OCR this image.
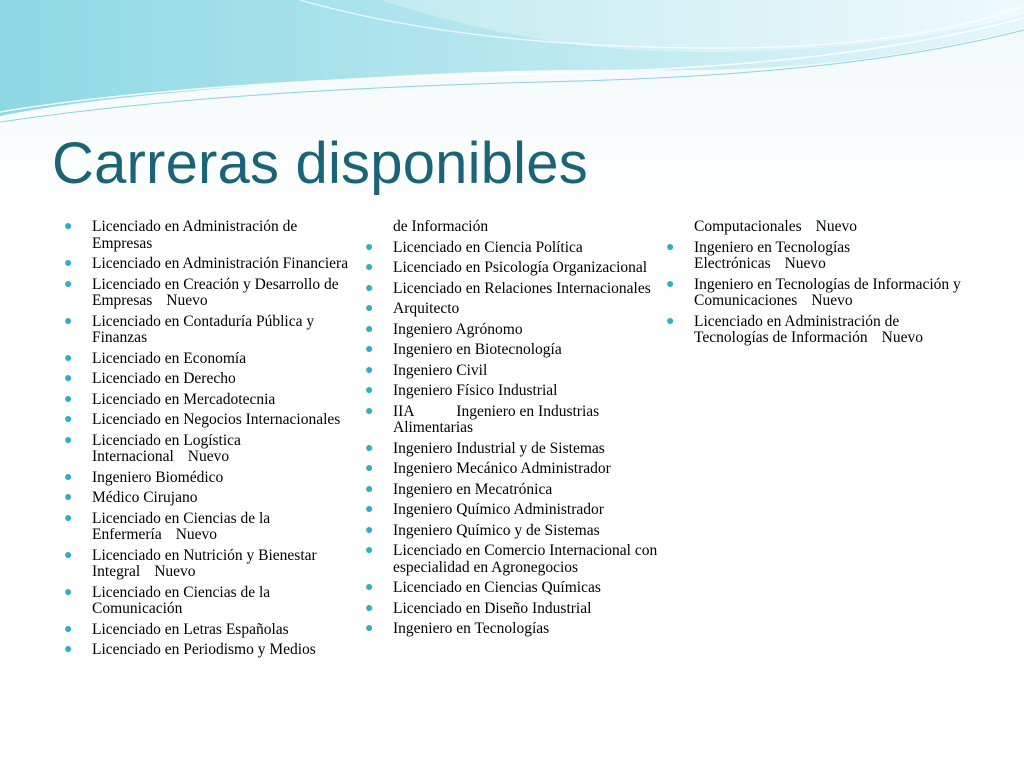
Carreras disponibles
● Licenciado en Administración de Empresas
● Licenciado en Administración Financiera
● Licenciado en Creación y Desarrollo de Empresas Nuevo
● Licenciado en Contaduría Pública y Finanzas
● Licenciado en Economía
● Licenciado en Derecho
● Licenciado en Mercadotecnia
● Licenciado en Negocios Internacionales
● Licenciado en Logística Internacional Nuevo
● Ingeniero Biomédico
● Médico Cirujano
● Licenciado en Ciencias de la Enfermería Nuevo
● Licenciado en Nutrición y Bienestar Integral Nuevo
● Licenciado en Ciencias de la Comunicación
● Licenciado en Letras Españolas
● Licenciado en Periodismo y Medios
de Información
● Licenciado en Ciencia Política
● Licenciado en Psicología Organizacional
● Licenciado en Relaciones Internacionales
● Arquitecto
● Ingeniero Agrónomo
● Ingeniero en Biotecnología
● Ingeniero Civil
● Ingeniero Físico Industrial
● IIA           Ingeniero en Industrias Alimentarias
● Ingeniero Industrial y de Sistemas
● Ingeniero Mecánico Administrador
● Ingeniero en Mecatrónica
● Ingeniero Químico Administrador
● Ingeniero Químico y de Sistemas
● Licenciado en Comercio Internacional con especialidad en Agronegocios
● Licenciado en Ciencias Químicas
● Licenciado en Diseño Industrial
● Ingeniero en Tecnologías
Computacionales Nuevo
● Ingeniero en Tecnologías Electrónicas Nuevo
● Ingeniero en Tecnologías de Información y Comunicaciones Nuevo
● Licenciado en Administración de Tecnologías de Información Nuevo
